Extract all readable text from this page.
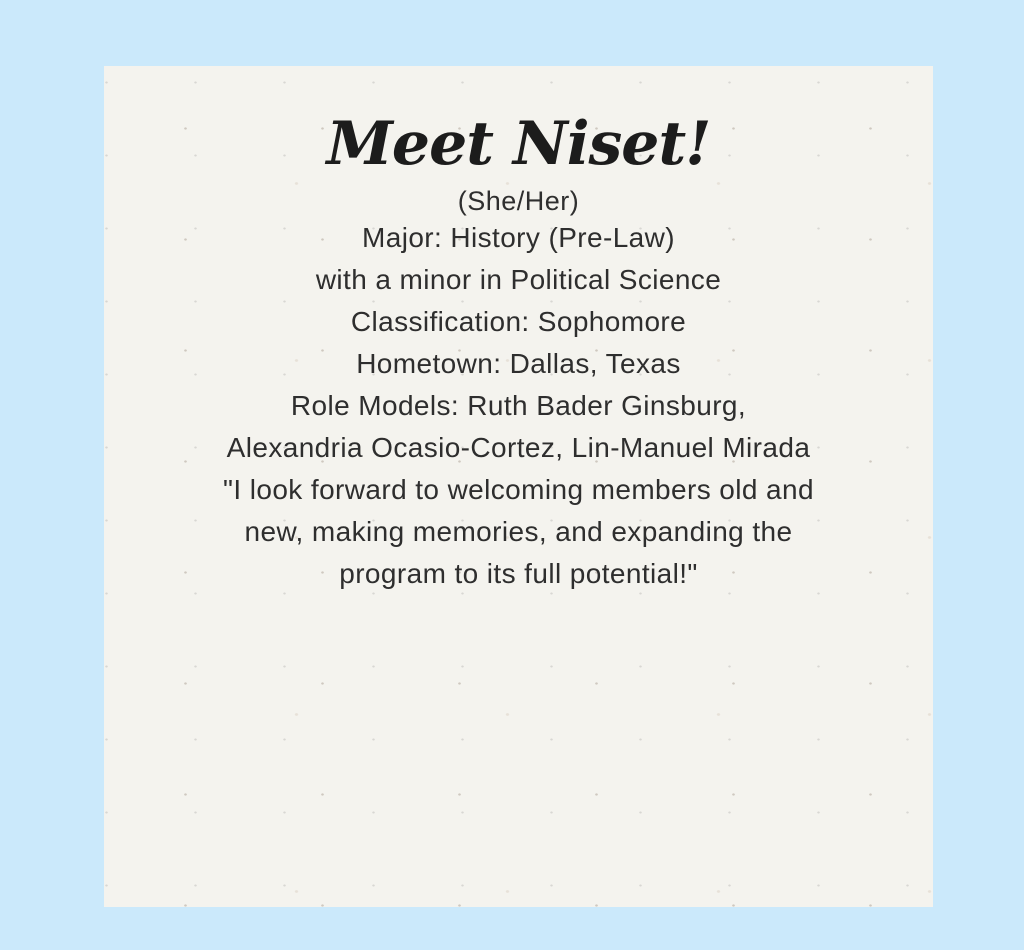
Meet Niset!
(She/Her)

Major: History (Pre-Law)
with a minor in Political Science

Classification: Sophomore

Hometown: Dallas, Texas

Role Models: Ruth Bader Ginsburg,
Alexandria Ocasio-Cortez, Lin-Manuel Mirada

"I look forward to welcoming members old and
new, making memories, and expanding the
program to its full potential!"
